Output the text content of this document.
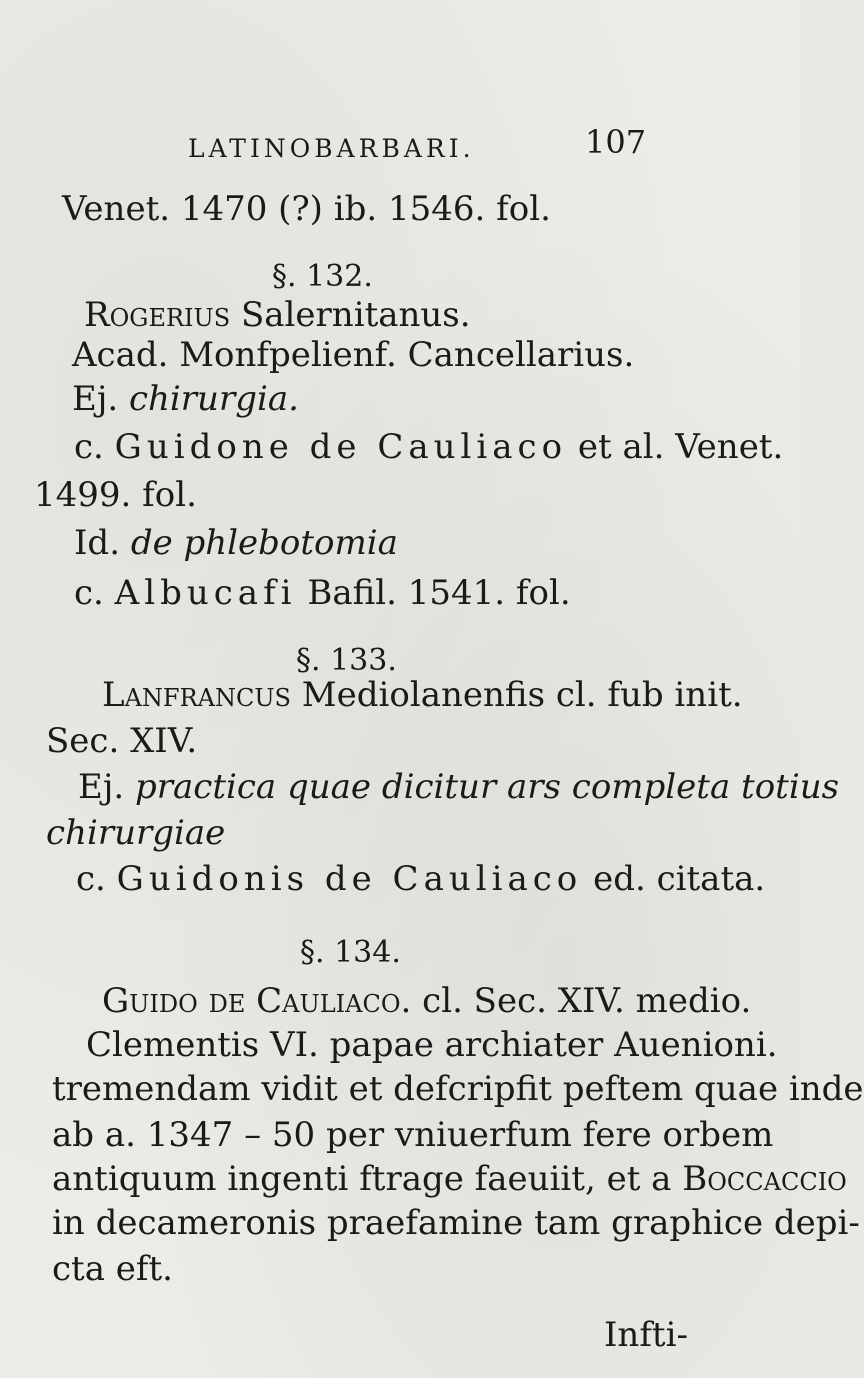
LATINOBARBARI.	107
Venet. 1470 (?) ib. 1546. fol.
§. 132.
Rogerius Salernitanus.
Acad. Monfpelienf. Cancellarius.
Ej. chirurgia.
c. Guidone de Cauliaco et al. Venet.
1499. fol.
Id. de phlebotomia
c. Albucafi Bafil. 1541. fol.
§. 133.
Lanfrancus Mediolanenfis cl. fub init.
Sec. XIV.
Ej. practica quae dicitur ars completa totius
chirurgiae
c. Guidonis de Cauliaco ed. citata.
§. 134.
Guido de Cauliaco. cl. Sec. XIV. medio.
Clementis VI. papae archiater Auenioni.
tremendam vidit et defcripfit peftem quae inde
ab a. 1347 – 50 per vniuerfum fere orbem
antiquum ingenti ftrage faeuiit, et a Boccaccio
in decameronis praefamine tam graphice depi-
cta eft.
Infti-
